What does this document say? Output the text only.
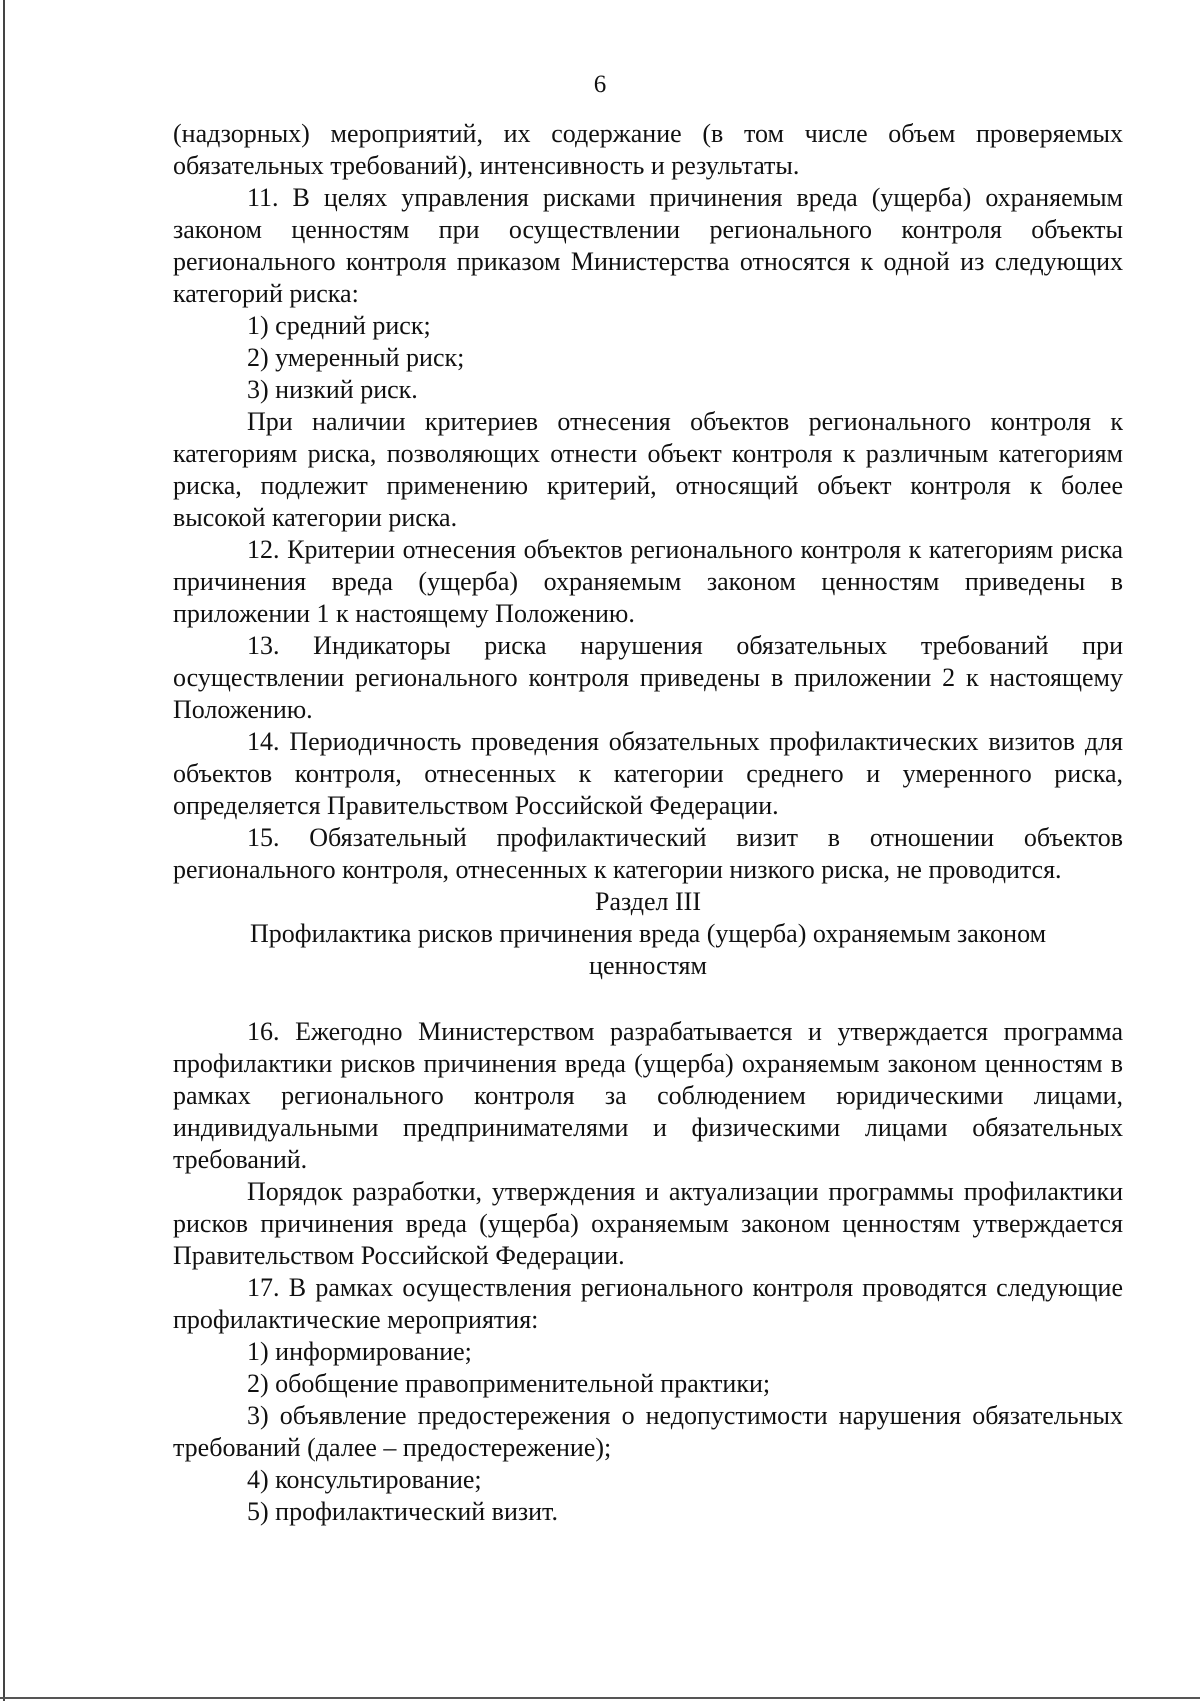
6

(надзорных) мероприятий, их содержание (в том числе объем проверяемых обязательных требований), интенсивность и результаты.

11. В целях управления рисками причинения вреда (ущерба) охраняемым законом ценностям при осуществлении регионального контроля объекты регионального контроля приказом Министерства относятся к одной из следующих категорий риска:

1) средний риск;

2) умеренный риск;

3) низкий риск.

При наличии критериев отнесения объектов регионального контроля к категориям риска, позволяющих отнести объект контроля к различным категориям риска, подлежит применению критерий, относящий объект контроля к более высокой категории риска.

12. Критерии отнесения объектов регионального контроля к категориям риска причинения вреда (ущерба) охраняемым законом ценностям приведены в приложении 1 к настоящему Положению.

13. Индикаторы риска нарушения обязательных требований при осуществлении регионального контроля приведены в приложении 2 к настоящему Положению.

14. Периодичность проведения обязательных профилактических визитов для объектов контроля, отнесенных к категории среднего и умеренного риска, определяется Правительством Российской Федерации.

15. Обязательный профилактический визит в отношении объектов регионального контроля, отнесенных к категории низкого риска, не проводится.

Раздел III

Профилактика рисков причинения вреда (ущерба) охраняемым законом ценностям

16. Ежегодно Министерством разрабатывается и утверждается программа профилактики рисков причинения вреда (ущерба) охраняемым законом ценностям в рамках регионального контроля за соблюдением юридическими лицами, индивидуальными предпринимателями и физическими лицами обязательных требований.

Порядок разработки, утверждения и актуализации программы профилактики рисков причинения вреда (ущерба) охраняемым законом ценностям утверждается Правительством Российской Федерации.

17. В рамках осуществления регионального контроля проводятся следующие профилактические мероприятия:

1) информирование;

2) обобщение правоприменительной практики;

3) объявление предостережения о недопустимости нарушения обязательных требований (далее – предостережение);

4) консультирование;

5) профилактический визит.
